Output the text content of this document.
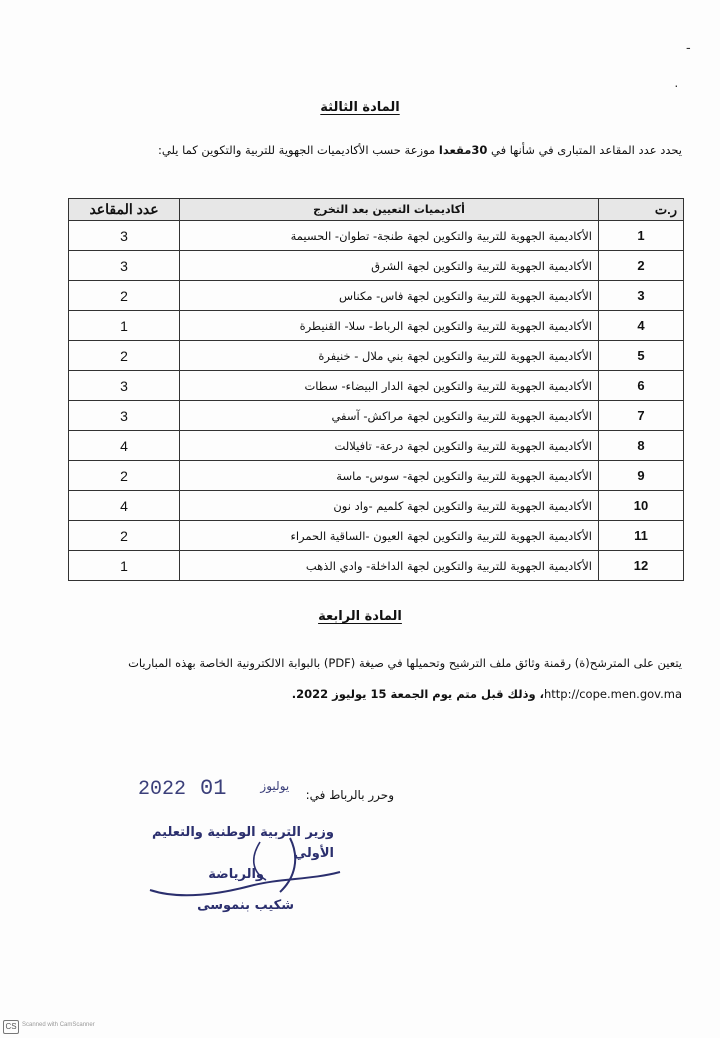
-
·
المادة الثالثة
يحدد عدد المقاعد المتبارى في شأنها في 30مقعدا موزعة حسب الأكاديميات الجهوية للتربية والتكوين كما يلي:
ر.ت	أكاديميات التعيين بعد التخرج	عدد المقاعد
1	الأكاديمية الجهوية للتربية والتكوين لجهة طنجة- تطوان- الحسيمة	3
2	الأكاديمية الجهوية للتربية والتكوين لجهة الشرق	3
3	الأكاديمية الجهوية للتربية والتكوين لجهة فاس- مكناس	2
4	الأكاديمية الجهوية للتربية والتكوين لجهة الرباط- سلا- القنيطرة	1
5	الأكاديمية الجهوية للتربية والتكوين لجهة بني ملال - خنيفرة	2
6	الأكاديمية الجهوية للتربية والتكوين لجهة الدار البيضاء- سطات	3
7	الأكاديمية الجهوية للتربية والتكوين لجهة مراكش- آسفي	3
8	الأكاديمية الجهوية للتربية والتكوين لجهة درعة- تافيلالت	4
9	الأكاديمية الجهوية للتربية والتكوين لجهة- سوس- ماسة	2
10	الأكاديمية الجهوية للتربية والتكوين لجهة كلميم -واد نون	4
11	الأكاديمية الجهوية للتربية والتكوين لجهة العيون -الساقية الحمراء	2
12	الأكاديمية الجهوية للتربية والتكوين لجهة الداخلة- وادي الذهب	1
المادة الرابعة
يتعين على المترشح(ة) رقمنة وثائق ملف الترشيح وتحميلها في صيغة (PDF) بالبوابة الالكترونية الخاصة بهذه المباريات
http://cope.men.gov.ma، وذلك قبل متم يوم الجمعة 15 يوليوز 2022.
وحرر بالرباط في:
2022	$^{يوليوز}$01
وزير التربية الوطنية والتعليم الأولي
والرياضة
شكيب بنموسى
CS Scanned with CamScanner
